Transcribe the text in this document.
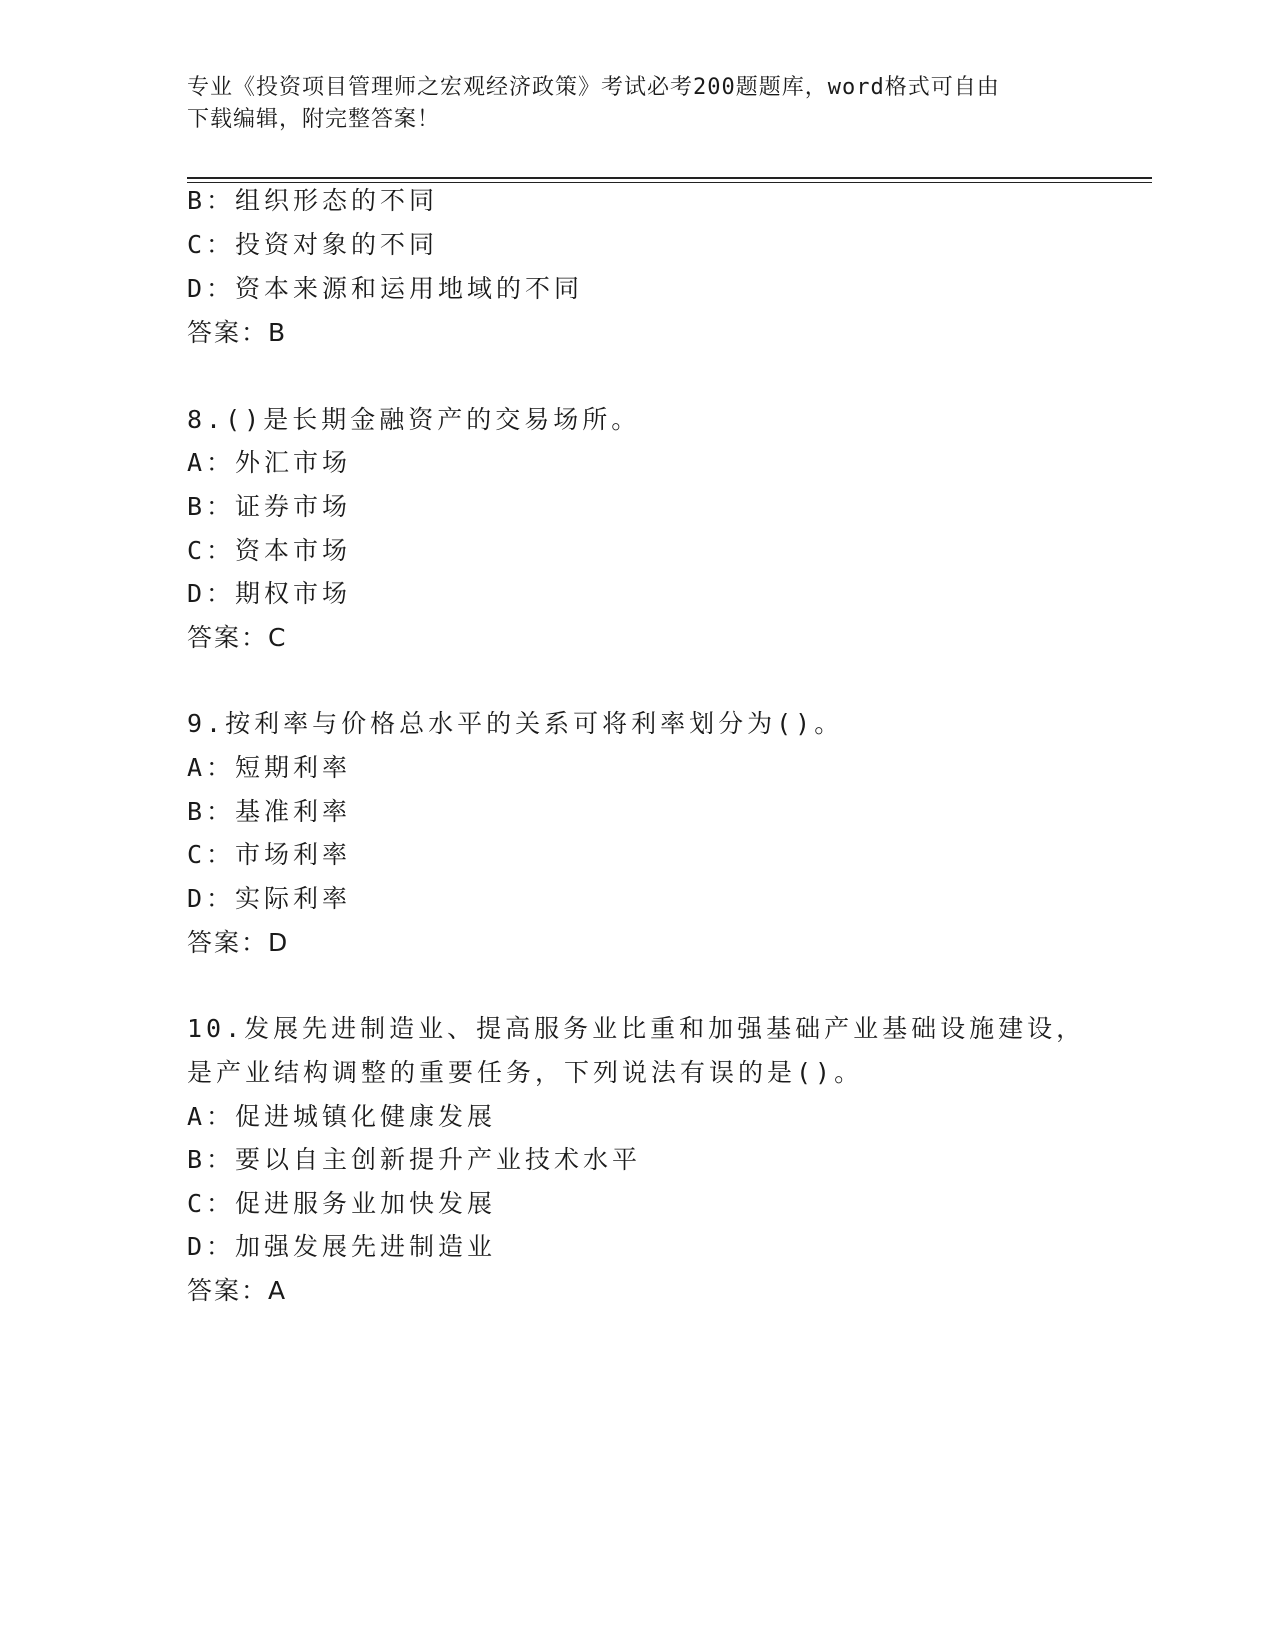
专业《投资项目管理师之宏观经济政策》考试必考200题题库，word格式可自由
下载编辑，附完整答案！
B：组织形态的不同
C：投资对象的不同
D：资本来源和运用地域的不同
答案：B
8.()是长期金融资产的交易场所。
A：外汇市场
B：证券市场
C：资本市场
D：期权市场
答案：C
9.按利率与价格总水平的关系可将利率划分为()。
A：短期利率
B：基准利率
C：市场利率
D：实际利率
答案：D
10.发展先进制造业、提高服务业比重和加强基础产业基础设施建设，
是产业结构调整的重要任务，下列说法有误的是()。
A：促进城镇化健康发展
B：要以自主创新提升产业技术水平
C：促进服务业加快发展
D：加强发展先进制造业
答案：A
